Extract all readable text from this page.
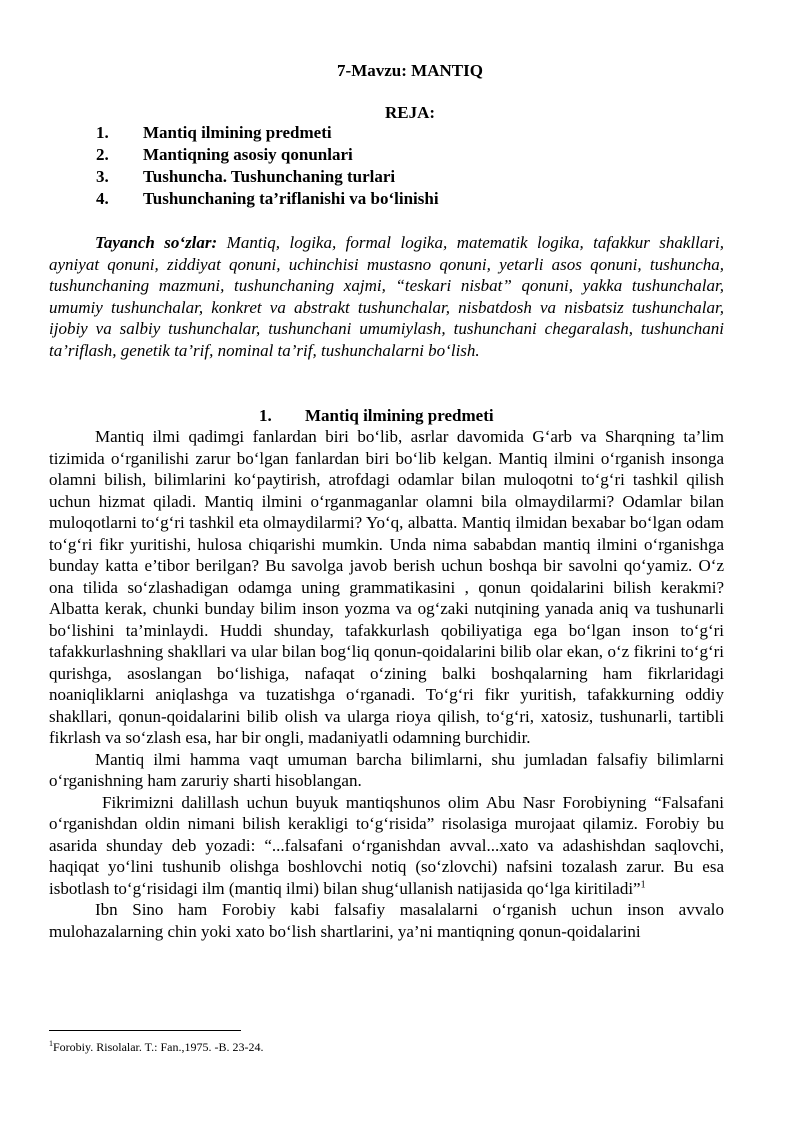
7-Mavzu: MANTIQ
REJA:
1. Mantiq ilmining predmeti
2. Mantiqning asosiy qonunlari
3. Tushuncha. Tushunchaning turlari
4. Tushunchaning ta’riflanishi va bo‘linishi

Tayanch so‘zlar: Mantiq, logika, formal logika, matematik logika, tafakkur shakllari, ayniyat qonuni, ziddiyat qonuni, uchinchisi mustasno qonuni, yetarli asos qonuni, tushuncha, tushunchaning mazmuni, tushunchaning xajmi, “teskari nisbat” qonuni, yakka tushunchalar, umumiy tushunchalar, konkret va abstrakt tushunchalar, nisbatdosh va nisbatsiz tushunchalar, ijobiy va salbiy tushunchalar, tushunchani umumiylash, tushunchani chegaralash, tushunchani ta’riflash, genetik ta’rif, nominal ta’rif, tushunchalarni bo‘lish.

1. Mantiq ilmining predmeti

Mantiq ilmi qadimgi fanlardan biri bo‘lib, asrlar davomida G‘arb va Sharqning ta’lim tizimida o‘rganilishi zarur bo‘lgan fanlardan biri bo‘lib kelgan. Mantiq ilmini o‘rganish insonga olamni bilish, bilimlarini ko‘paytirish, atrofdagi odamlar bilan muloqotni to‘g‘ri tashkil qilish uchun hizmat qiladi. Mantiq ilmini o‘rganmaganlar olamni bila olmaydilarmi? Odamlar bilan muloqotlarni to‘g‘ri tashkil eta olmaydilarmi? Yo‘q, albatta. Mantiq ilmidan bexabar bo‘lgan odam to‘g‘ri fikr yuritishi, hulosa chiqarishi mumkin. Unda nima sababdan mantiq ilmini o‘rganishga bunday katta e’tibor berilgan? Bu savolga javob berish uchun boshqa bir savolni qo‘yamiz. O‘z ona tilida so‘zlashadigan odamga uning grammatikasini , qonun qoidalarini bilish kerakmi? Albatta kerak, chunki bunday bilim inson yozma va og‘zaki nutqining yanada aniq va tushunarli bo‘lishini ta’minlaydi. Huddi shunday, tafakkurlash qobiliyatiga ega bo‘lgan inson to‘g‘ri tafakkurlashning shakllari va ular bilan bog‘liq qonun-qoidalarini bilib olar ekan, o‘z fikrini to‘g‘ri qurishga, asoslangan bo‘lishiga, nafaqat o‘zining balki boshqalarning ham fikrlaridagi noaniqliklarni aniqlashga va tuzatishga o‘rganadi. To‘g‘ri fikr yuritish, tafakkurning oddiy shakllari, qonun-qoidalarini bilib olish va ularga rioya qilish, to‘g‘ri, xatosiz, tushunarli, tartibli fikrlash va so‘zlash esa, har bir ongli, madaniyatli odamning burchidir.

Mantiq ilmi hamma vaqt umuman barcha bilimlarni, shu jumladan falsafiy bilimlarni o‘rganishning ham zaruriy sharti hisoblangan.

Fikrimizni dalillash uchun buyuk mantiqshunos olim Abu Nasr Forobiyning “Falsafani o‘rganishdan oldin nimani bilish kerakligi to‘g‘risida” risolasiga murojaat qilamiz. Forobiy bu asarida shunday deb yozadi: “...falsafani o‘rganishdan avval...xato va adashishdan saqlovchi, haqiqat yo‘lini tushunib olishga boshlovchi notiq (so‘zlovchi) nafsini tozalash zarur. Bu esa isbotlash to‘g‘risidagi ilm (mantiq ilmi) bilan shug‘ullanish natijasida qo‘lga kiritiladi”$^1$

Ibn Sino ham Forobiy kabi falsafiy masalalarni o‘rganish uchun inson avvalo mulohazalarning chin yoki xato bo‘lish shartlarini, ya’ni mantiqning qonun-qoidalarini

$^1$Forobiy. Risolalar. T.: Fan.,1975. -B. 23-24.
